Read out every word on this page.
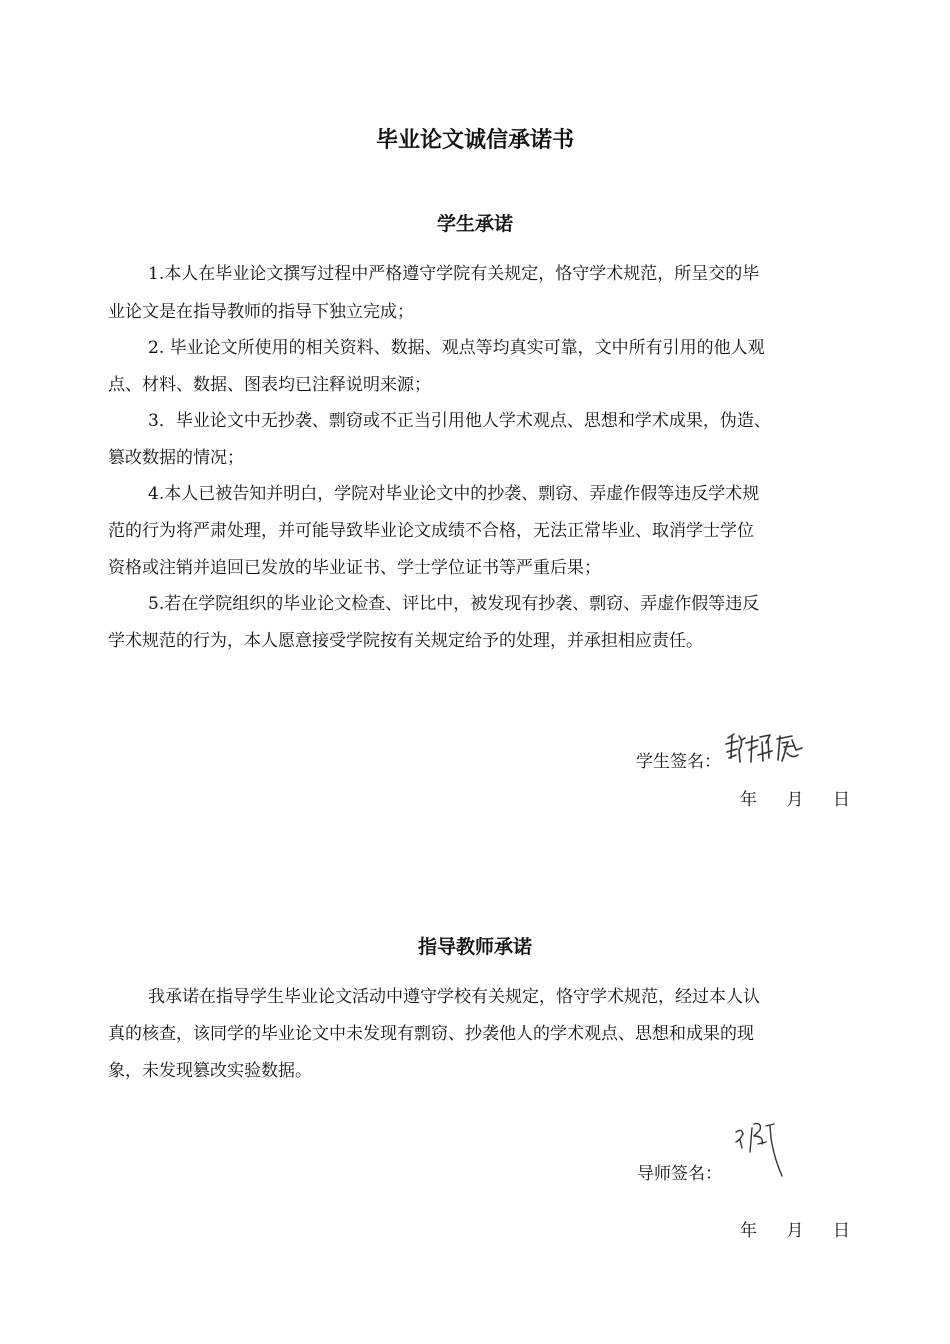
毕业论文诚信承诺书
学生承诺
1.本人在毕业论文撰写过程中严格遵守学院有关规定，恪守学术规范，所呈交的毕
业论文是在指导教师的指导下独立完成；
2. 毕业论文所使用的相关资料、数据、观点等均真实可靠，文中所有引用的他人观
点、材料、数据、图表均已注释说明来源；
3．毕业论文中无抄袭、剽窃或不正当引用他人学术观点、思想和学术成果，伪造、
篡改数据的情况；
4.本人已被告知并明白，学院对毕业论文中的抄袭、剽窃、弄虚作假等违反学术规
范的行为将严肃处理，并可能导致毕业论文成绩不合格，无法正常毕业、取消学士学位
资格或注销并追回已发放的毕业证书、学士学位证书等严重后果；
5.若在学院组织的毕业论文检查、评比中，被发现有抄袭、剽窃、弄虚作假等违反
学术规范的行为，本人愿意接受学院按有关规定给予的处理，并承担相应责任。
学生签名：
年 月 日
指导教师承诺
我承诺在指导学生毕业论文活动中遵守学校有关规定，恪守学术规范，经过本人认
真的核查，该同学的毕业论文中未发现有剽窃、抄袭他人的学术观点、思想和成果的现
象，未发现篡改实验数据。
导师签名：
年 月 日
